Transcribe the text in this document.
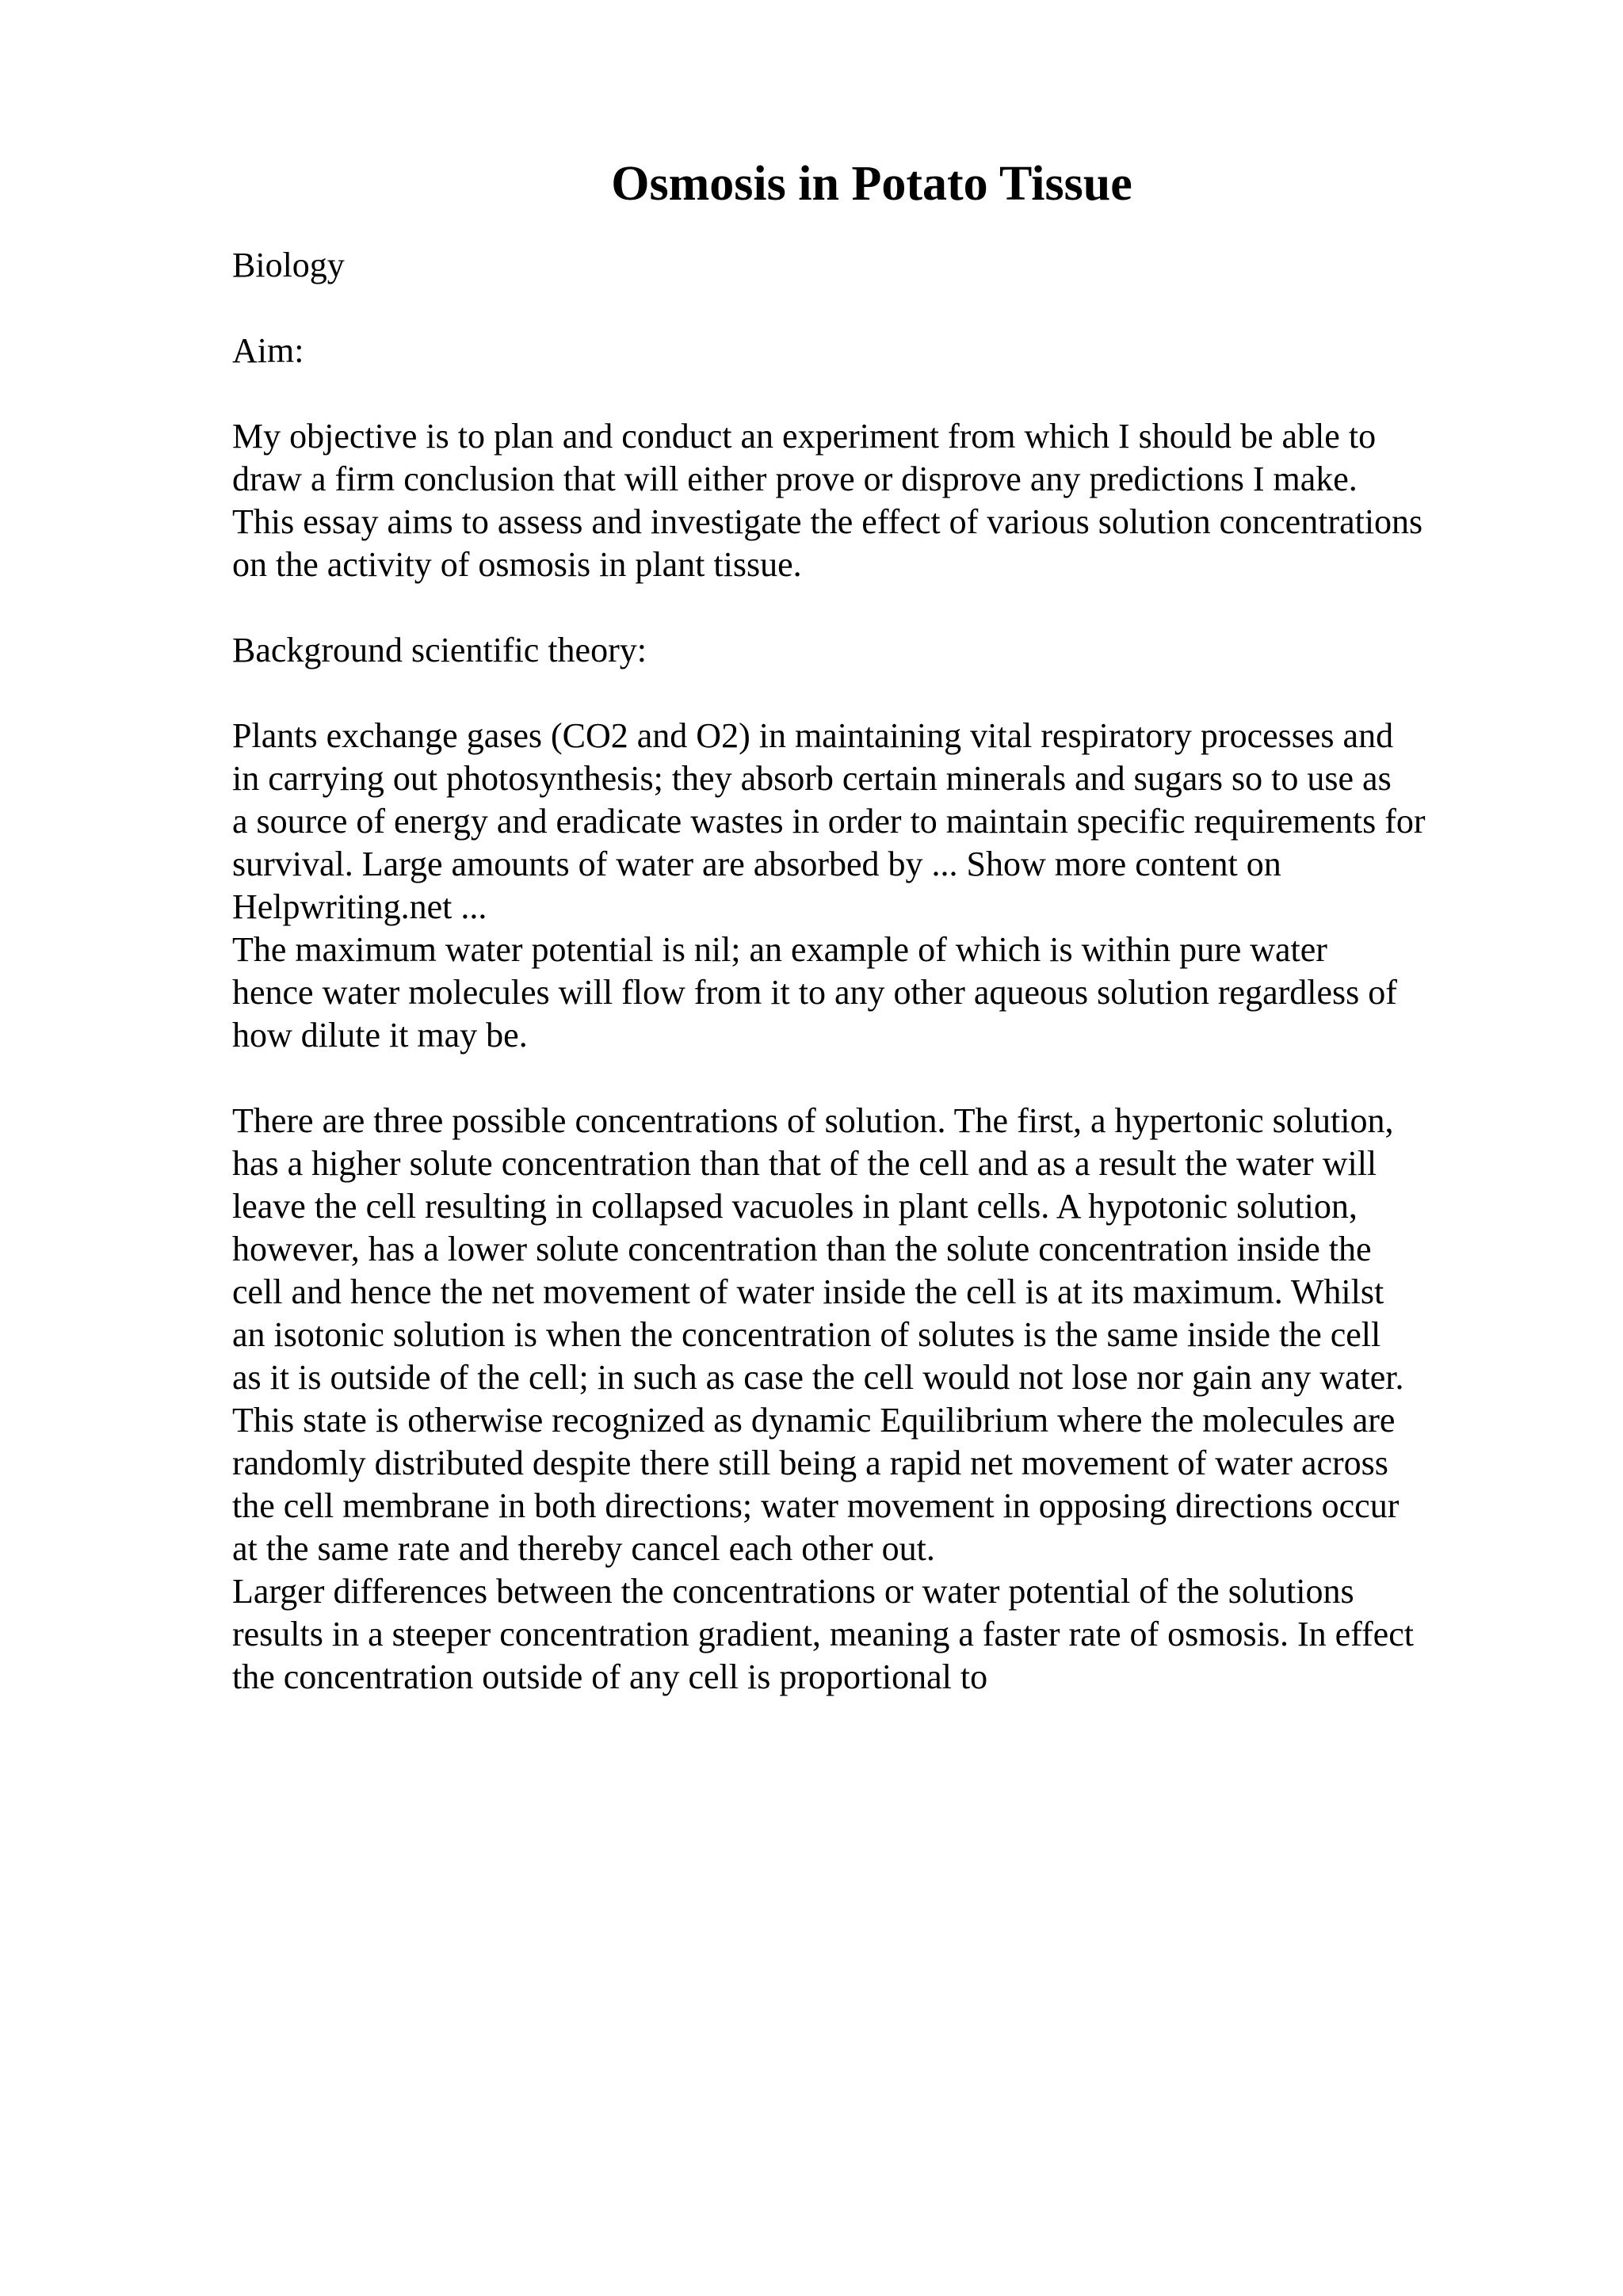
Osmosis in Potato Tissue

Biology

Aim:

My objective is to plan and conduct an experiment from which I should be able to
draw a firm conclusion that will either prove or disprove any predictions I make.
This essay aims to assess and investigate the effect of various solution concentrations
on the activity of osmosis in plant tissue.

Background scientific theory:

Plants exchange gases (CO2 and O2) in maintaining vital respiratory processes and
in carrying out photosynthesis; they absorb certain minerals and sugars so to use as
a source of energy and eradicate wastes in order to maintain specific requirements for
survival. Large amounts of water are absorbed by ... Show more content on
Helpwriting.net ...
The maximum water potential is nil; an example of which is within pure water
hence water molecules will flow from it to any other aqueous solution regardless of
how dilute it may be.

There are three possible concentrations of solution. The first, a hypertonic solution,
has a higher solute concentration than that of the cell and as a result the water will
leave the cell resulting in collapsed vacuoles in plant cells. A hypotonic solution,
however, has a lower solute concentration than the solute concentration inside the
cell and hence the net movement of water inside the cell is at its maximum. Whilst
an isotonic solution is when the concentration of solutes is the same inside the cell
as it is outside of the cell; in such as case the cell would not lose nor gain any water.
This state is otherwise recognized as dynamic Equilibrium where the molecules are
randomly distributed despite there still being a rapid net movement of water across
the cell membrane in both directions; water movement in opposing directions occur
at the same rate and thereby cancel each other out.
Larger differences between the concentrations or water potential of the solutions
results in a steeper concentration gradient, meaning a faster rate of osmosis. In effect
the concentration outside of any cell is proportional to
